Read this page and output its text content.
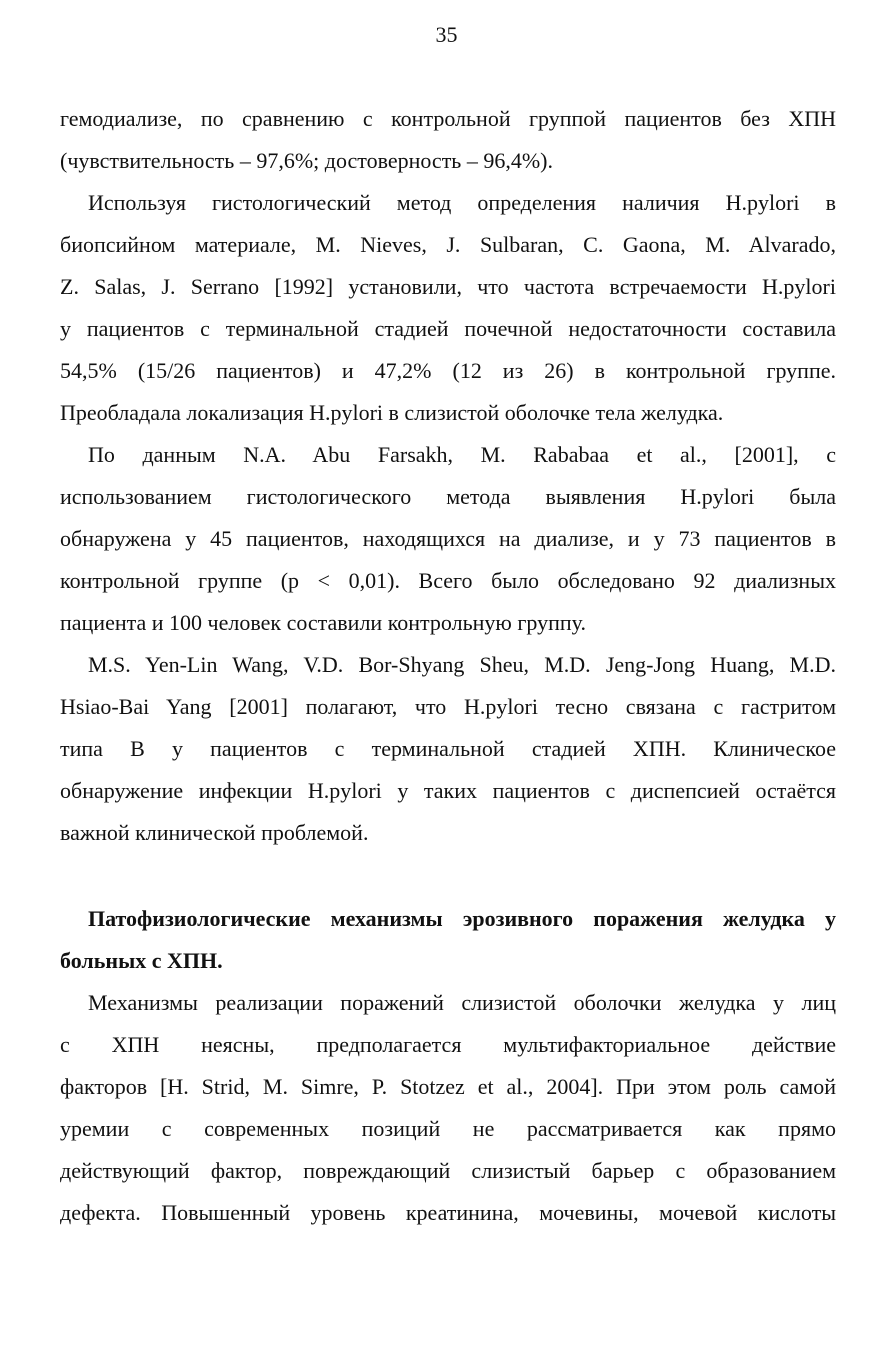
35
гемодиализе, по сравнению с контрольной группой пациентов без ХПН
(чувствительность – 97,6%; достоверность – 96,4%).
Используя гистологический метод определения наличия H.pylori в
биопсийном материале, M. Nieves, J. Sulbaran, C. Gaona, M. Alvarado,
Z. Salas, J. Serrano [1992] установили, что частота встречаемости H.pylori
у пациентов с терминальной стадией почечной недостаточности составила
54,5% (15/26 пациентов) и 47,2% (12 из 26) в контрольной группе.
Преобладала локализация H.pylori в слизистой оболочке тела желудка.
По данным N.A. Abu Farsakh, M. Rababaa et al., [2001], с
использованием гистологического метода выявления H.pylori была
обнаружена у 45 пациентов, находящихся на диализе, и у 73 пациентов в
контрольной группе (p < 0,01). Всего было обследовано 92 диализных
пациента и 100 человек составили контрольную группу.
M.S. Yen-Lin Wang, V.D. Bor-Shyang Sheu, M.D. Jeng-Jong Huang, M.D.
Hsiao-Bai Yang [2001] полагают, что H.pylori тесно связана с гастритом
типа В у пациентов с терминальной стадией ХПН. Клиническое
обнаружение инфекции H.pylori у таких пациентов с диспепсией остаётся
важной клинической проблемой.
Патофизиологические механизмы эрозивного поражения желудка у
больных с ХПН.
Механизмы реализации поражений слизистой оболочки желудка у лиц
с ХПН неясны, предполагается мультифакториальное действие
факторов [H. Strid, M. Simre, P. Stotzez et al., 2004]. При этом роль самой
уремии с современных позиций не рассматривается как прямо
действующий фактор, повреждающий слизистый барьер с образованием
дефекта. Повышенный уровень креатинина, мочевины, мочевой кислоты
